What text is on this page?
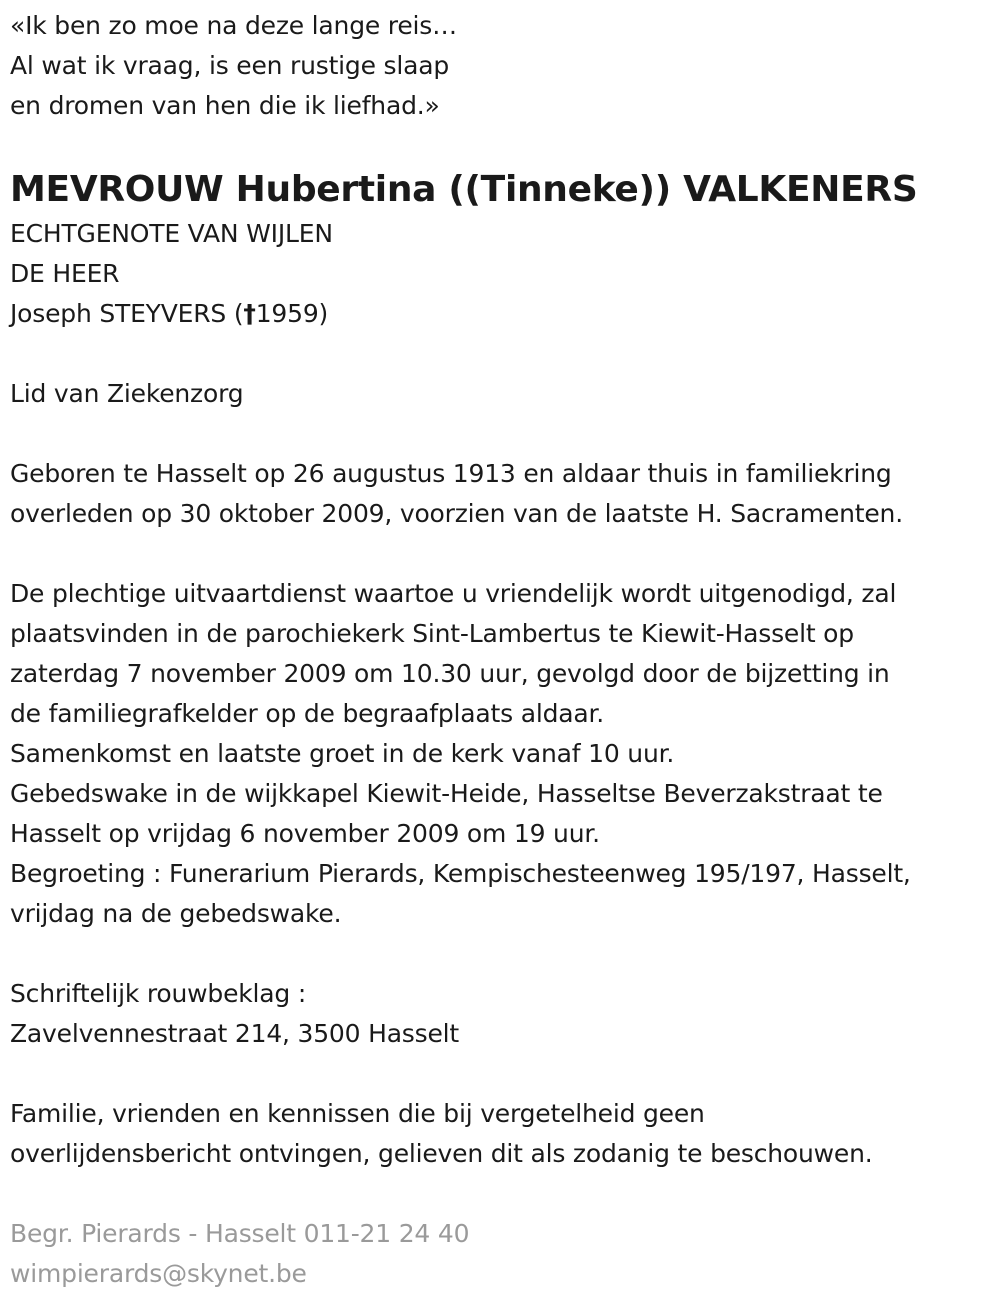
«Ik ben zo moe na deze lange reis…
Al wat ik vraag, is een rustige slaap
en dromen van hen die ik liefhad.»
MEVROUW Hubertina ((Tinneke)) VALKENERS
ECHTGENOTE VAN WIJLEN
DE HEER
Joseph STEYVERS (†1959)
Lid van Ziekenzorg
Geboren te Hasselt op 26 augustus 1913 en aldaar thuis in familiekring
overleden op 30 oktober 2009, voorzien van de laatste H. Sacramenten.
De plechtige uitvaartdienst waartoe u vriendelijk wordt uitgenodigd, zal
plaatsvinden in de parochiekerk Sint-Lambertus te Kiewit-Hasselt op
zaterdag 7 november 2009 om 10.30 uur, gevolgd door de bijzetting in
de familiegrafkelder op de begraafplaats aldaar.
Samenkomst en laatste groet in de kerk vanaf 10 uur.
Gebedswake in de wijkkapel Kiewit-Heide, Hasseltse Beverzakstraat te
Hasselt op vrijdag 6 november 2009 om 19 uur.
Begroeting : Funerarium Pierards, Kempischesteenweg 195/197, Hasselt,
vrijdag na de gebedswake.
Schriftelijk rouwbeklag :
Zavelvennestraat 214, 3500 Hasselt
Familie, vrienden en kennissen die bij vergetelheid geen
overlijdensbericht ontvingen, gelieven dit als zodanig te beschouwen.
Begr. Pierards - Hasselt 011-21 24 40
wimpierards@skynet.be
